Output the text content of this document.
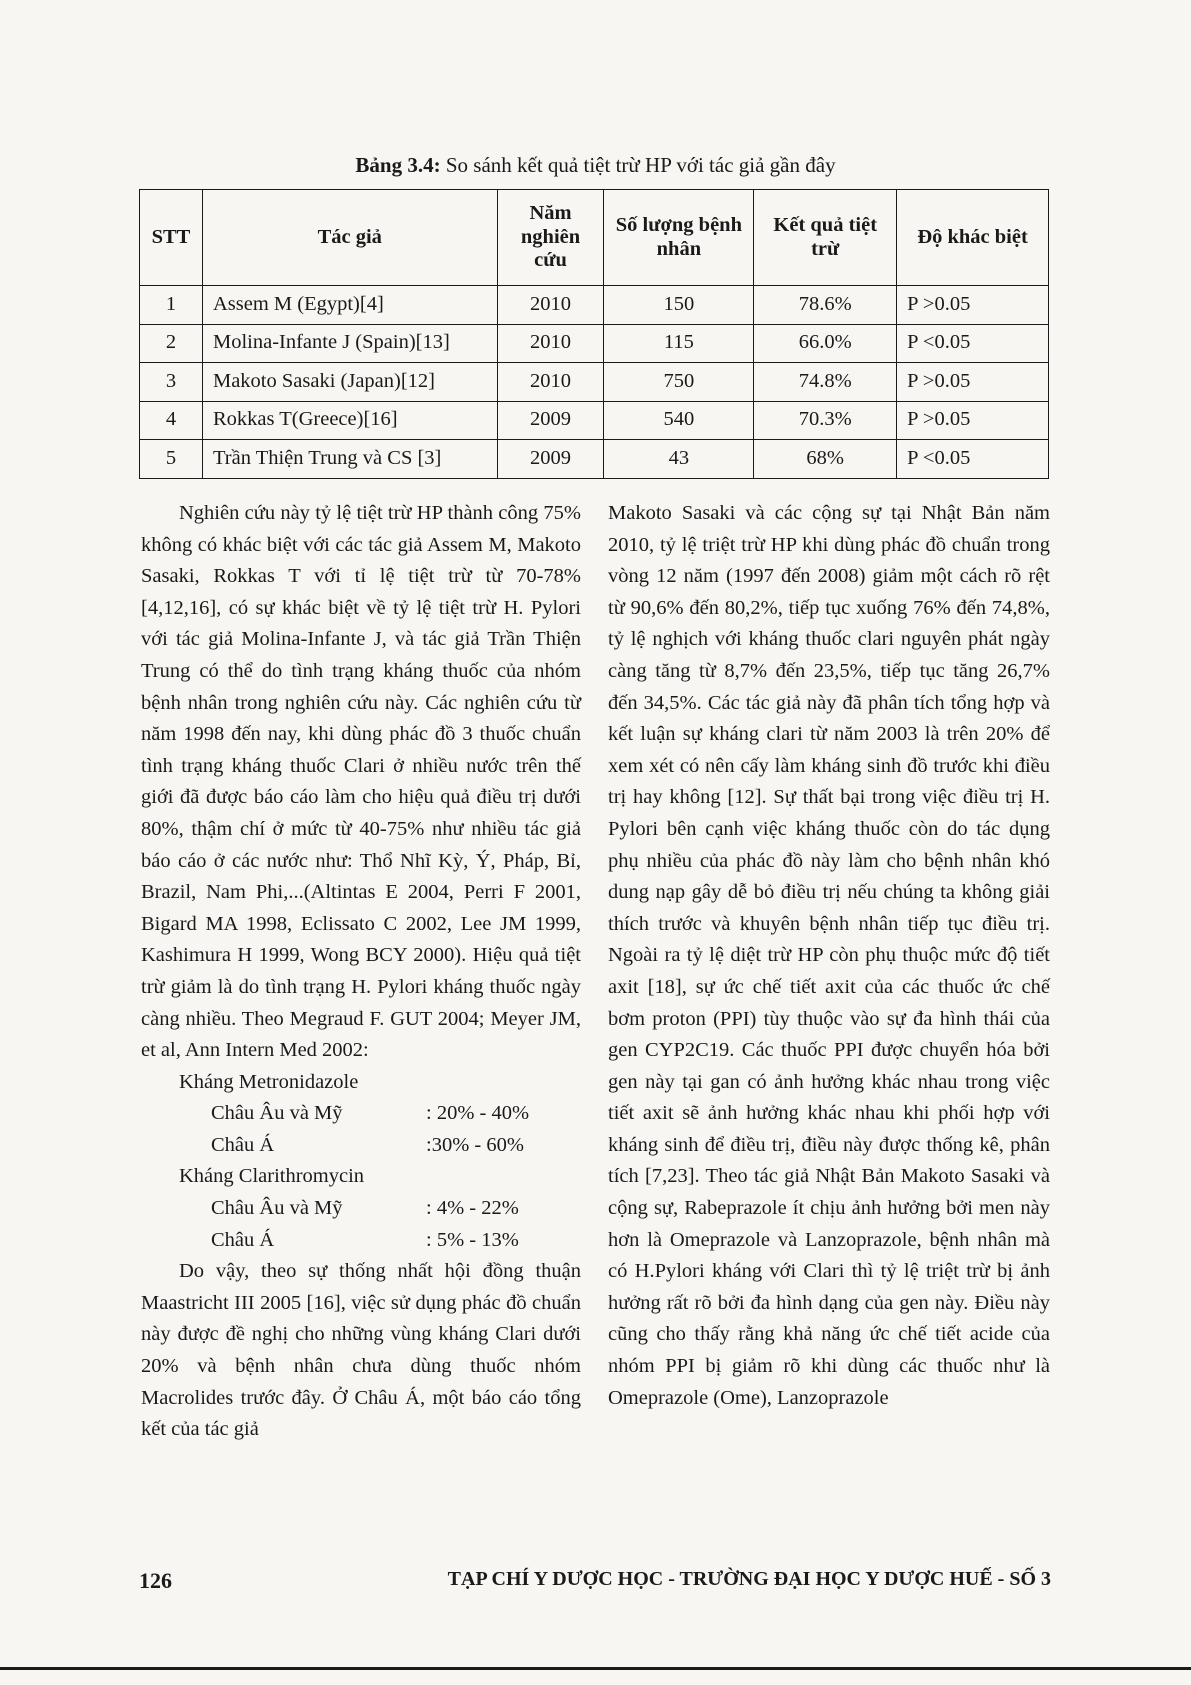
Bảng 3.4: So sánh kết quả tiệt trừ HP với tác giả gần đây
STT	Tác giả	Năm nghiên cứu	Số lượng bệnh nhân	Kết quả tiệt trừ	Độ khác biệt
1	Assem M (Egypt)[4]	2010	150	78.6%	P >0.05
2	Molina-Infante J (Spain)[13]	2010	115	66.0%	P <0.05
3	Makoto Sasaki (Japan)[12]	2010	750	74.8%	P >0.05
4	Rokkas T(Greece)[16]	2009	540	70.3%	P >0.05
5	Trần Thiện Trung và CS [3]	2009	43	68%	P <0.05

Nghiên cứu này tỷ lệ tiệt trừ HP thành công 75% không có khác biệt với các tác giả Assem M, Makoto Sasaki, Rokkas T với tỉ lệ tiệt trừ từ 70-78% [4,12,16], có sự khác biệt về tỷ lệ tiệt trừ H. Pylori với tác giả Molina-Infante J, và tác giả Trần Thiện Trung có thể do tình trạng kháng thuốc của nhóm bệnh nhân trong nghiên cứu này. Các nghiên cứu từ năm 1998 đến nay, khi dùng phác đồ 3 thuốc chuẩn tình trạng kháng thuốc Clari ở nhiều nước trên thế giới đã được báo cáo làm cho hiệu quả điều trị dưới 80%, thậm chí ở mức từ 40-75% như nhiều tác giả báo cáo ở các nước như: Thổ Nhĩ Kỳ, Ý, Pháp, Bỉ, Brazil, Nam Phi,...(Altintas E 2004, Perri F 2001, Bigard MA 1998, Eclissato C 2002, Lee JM 1999, Kashimura H 1999, Wong BCY 2000). Hiệu quả tiệt trừ giảm là do tình trạng H. Pylori kháng thuốc ngày càng nhiều. Theo Megraud F. GUT 2004; Meyer JM, et al, Ann Intern Med 2002:

Kháng Metronidazole
Châu Âu và Mỹ	: 20% - 40%
Châu Á	:30% - 60%
Kháng Clarithromycin
Châu Âu và Mỹ	: 4% - 22%
Châu Á	: 5% - 13%

Do vậy, theo sự thống nhất hội đồng thuận Maastricht III 2005 [16], việc sử dụng phác đồ chuẩn này được đề nghị cho những vùng kháng Clari dưới 20% và bệnh nhân chưa dùng thuốc nhóm Macrolides trước đây. Ở Châu Á, một báo cáo tổng kết của tác giả

Makoto Sasaki và các cộng sự tại Nhật Bản năm 2010, tỷ lệ triệt trừ HP khi dùng phác đồ chuẩn trong vòng 12 năm (1997 đến 2008) giảm một cách rõ rệt từ 90,6% đến 80,2%, tiếp tục xuống 76% đến 74,8%, tỷ lệ nghịch với kháng thuốc clari nguyên phát ngày càng tăng từ 8,7% đến 23,5%, tiếp tục tăng 26,7% đến 34,5%. Các tác giả này đã phân tích tổng hợp và kết luận sự kháng clari từ năm 2003 là trên 20% để xem xét có nên cấy làm kháng sinh đồ trước khi điều trị hay không [12]. Sự thất bại trong việc điều trị H. Pylori bên cạnh việc kháng thuốc còn do tác dụng phụ nhiều của phác đồ này làm cho bệnh nhân khó dung nạp gây dễ bỏ điều trị nếu chúng ta không giải thích trước và khuyên bệnh nhân tiếp tục điều trị. Ngoài ra tỷ lệ diệt trừ HP còn phụ thuộc mức độ tiết axit [18], sự ức chế tiết axit của các thuốc ức chế bơm proton (PPI) tùy thuộc vào sự đa hình thái của gen CYP2C19. Các thuốc PPI được chuyển hóa bởi gen này tại gan có ảnh hưởng khác nhau trong việc tiết axit sẽ ảnh hưởng khác nhau khi phối hợp với kháng sinh để điều trị, điều này được thống kê, phân tích [7,23]. Theo tác giả Nhật Bản Makoto Sasaki và cộng sự, Rabeprazole ít chịu ảnh hưởng bởi men này hơn là Omeprazole và Lanzoprazole, bệnh nhân mà có H.Pylori kháng với Clari thì tỷ lệ triệt trừ bị ảnh hưởng rất rõ bởi đa hình dạng của gen này. Điều này cũng cho thấy rằng khả năng ức chế tiết acide của nhóm PPI bị giảm rõ khi dùng các thuốc như là Omeprazole (Ome), Lanzoprazole

126	TẠP CHÍ Y DƯỢC HỌC - TRƯỜNG ĐẠI HỌC Y DƯỢC HUẾ - SỐ 3
